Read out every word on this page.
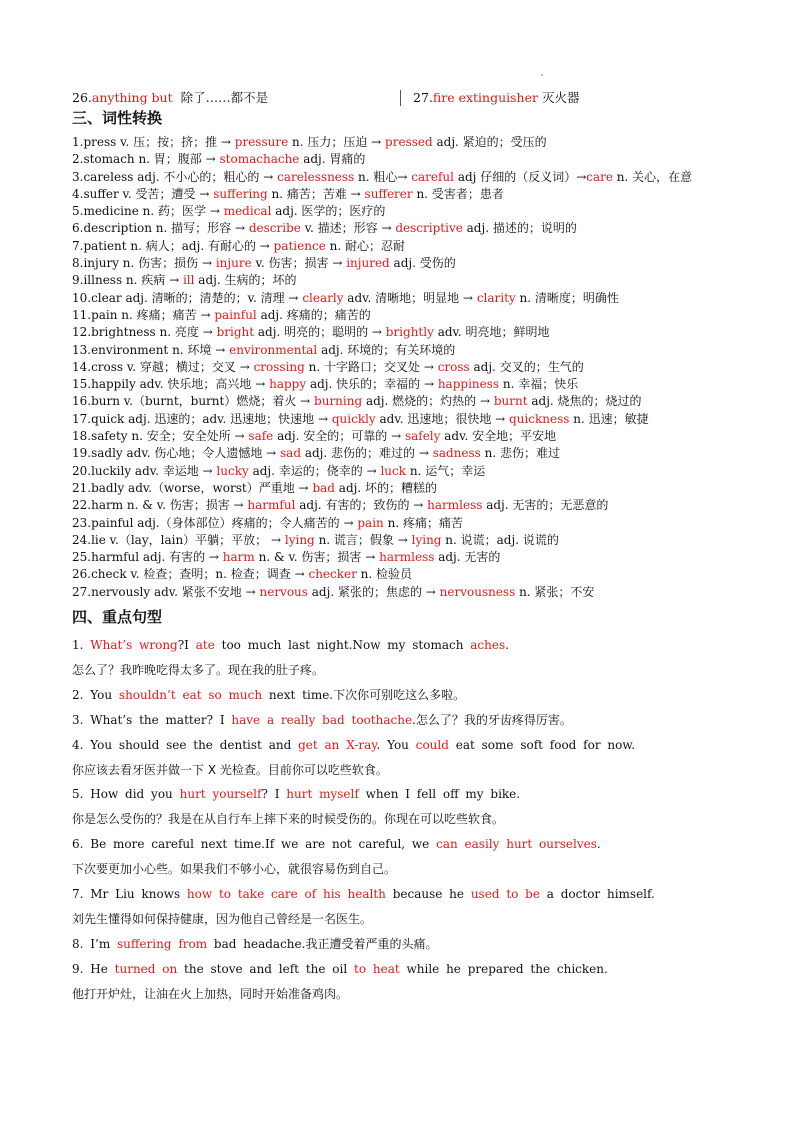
26.anything but 除了……都不是	27.fire extinguisher 灭火器
三、词性转换
1.press v. 压；按；挤；推 → pressure n. 压力；压迫 → pressed adj. 紧迫的；受压的
2.stomach n. 胃；腹部 → stomachache adj. 胃痛的
3.careless adj. 不小心的；粗心的 → carelessness n. 粗心→ careful adj 仔细的（反义词）→care n. 关心，在意
4.suffer v. 受苦；遭受 → suffering n. 痛苦；苦难 → sufferer n. 受害者；患者
5.medicine n. 药；医学 → medical adj. 医学的；医疗的
6.description n. 描写；形容 → describe v. 描述；形容 → descriptive adj. 描述的；说明的
7.patient n. 病人；adj. 有耐心的 → patience n. 耐心；忍耐
8.injury n. 伤害；损伤 → injure v. 伤害；损害 → injured adj. 受伤的
9.illness n. 疾病 → ill adj. 生病的；坏的
10.clear adj. 清晰的；清楚的；v. 清理 → clearly adv. 清晰地；明显地 → clarity n. 清晰度；明确性
11.pain n. 疼痛；痛苦 → painful adj. 疼痛的；痛苦的
12.brightness n. 亮度 → bright adj. 明亮的；聪明的 → brightly adv. 明亮地；鲜明地
13.environment n. 环境 → environmental adj. 环境的；有关环境的
14.cross v. 穿越；横过；交叉 → crossing n. 十字路口；交叉处 → cross adj. 交叉的；生气的
15.happily adv. 快乐地；高兴地 → happy adj. 快乐的；幸福的 → happiness n. 幸福；快乐
16.burn v.（burnt，burnt）燃烧；着火 → burning adj. 燃烧的；灼热的 → burnt adj. 烧焦的；烧过的
17.quick adj. 迅速的；adv. 迅速地；快速地 → quickly adv. 迅速地；很快地 → quickness n. 迅速；敏捷
18.safety n. 安全；安全处所 → safe adj. 安全的；可靠的 → safely adv. 安全地；平安地
19.sadly adv. 伤心地；令人遗憾地 → sad adj. 悲伤的；难过的 → sadness n. 悲伤；难过
20.luckily adv. 幸运地 → lucky adj. 幸运的；侥幸的 → luck n. 运气；幸运
21.badly adv.（worse，worst）严重地 → bad adj. 坏的；糟糕的
22.harm n. & v. 伤害；损害 → harmful adj. 有害的；致伤的 → harmless adj. 无害的；无恶意的
23.painful adj.（身体部位）疼痛的；令人痛苦的 → pain n. 疼痛；痛苦
24.lie v.（lay，lain）平躺；平放； → lying n. 谎言；假象 → lying n. 说谎；adj. 说谎的
25.harmful adj. 有害的 → harm n. & v. 伤害；损害 → harmless adj. 无害的
26.check v. 检查；查明；n. 检查；调查 → checker n. 检验员
27.nervously adv. 紧张不安地 → nervous adj. 紧张的；焦虑的 → nervousness n. 紧张；不安
四、重点句型
1. What’s wrong?I ate too much last night.Now my stomach aches.
怎么了？我昨晚吃得太多了。现在我的肚子疼。
2. You shouldn’t eat so much next time.下次你可别吃这么多啦。
3. What’s the matter? I have a really bad toothache.怎么了？我的牙齿疼得厉害。
4. You should see the dentist and get an X-ray. You could eat some soft food for now.
你应该去看牙医并做一下 X 光检查。目前你可以吃些软食。
5. How did you hurt yourself? I hurt myself when I fell off my bike.
你是怎么受伤的？我是在从自行车上摔下来的时候受伤的。你现在可以吃些软食。
6. Be more careful next time.If we are not careful, we can easily hurt ourselves.
下次要更加小心些。如果我们不够小心，就很容易伤到自己。
7. Mr Liu knows how to take care of his health because he used to be a doctor himself.
刘先生懂得如何保持健康，因为他自己曾经是一名医生。
8. I’m suffering from bad headache.我正遭受着严重的头痛。
9. He turned on the stove and left the oil to heat while he prepared the chicken.
他打开炉灶，让油在火上加热，同时开始准备鸡肉。
